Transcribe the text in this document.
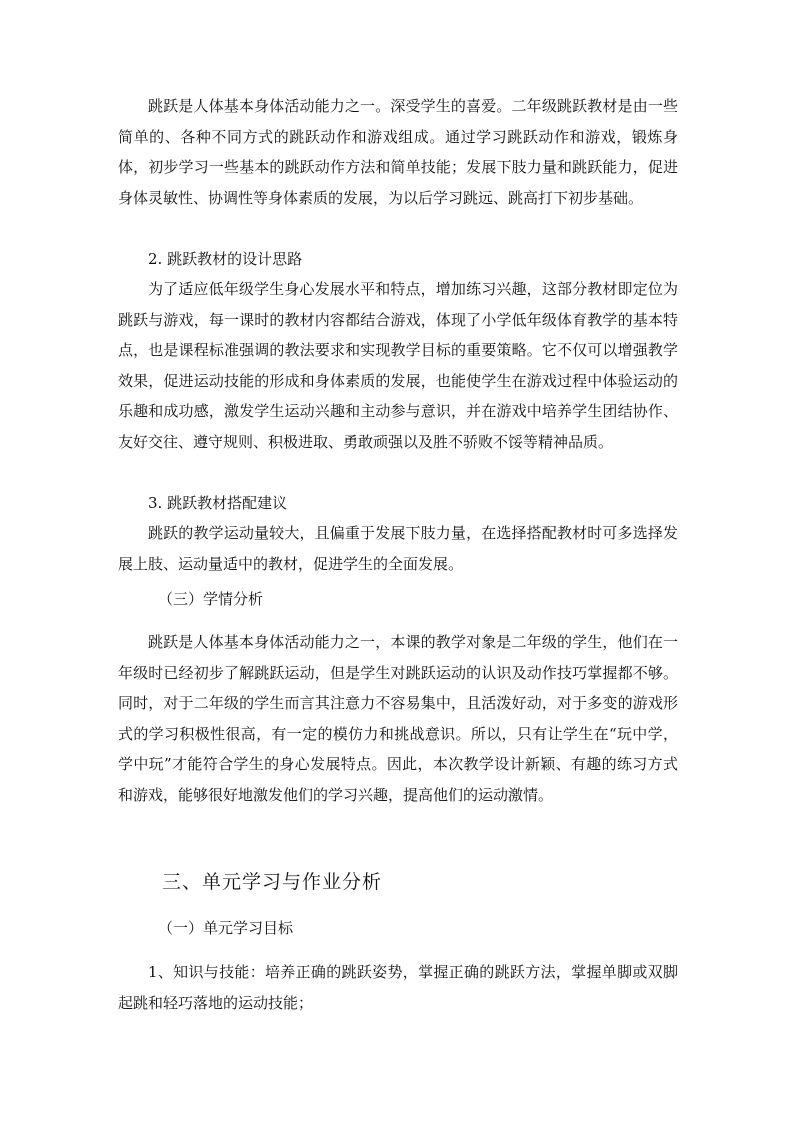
跳跃是人体基本身体活动能力之一。深受学生的喜爱。二年级跳跃教材是由一些简单的、各种不同方式的跳跃动作和游戏组成。通过学习跳跃动作和游戏，锻炼身体，初步学习一些基本的跳跃动作方法和简单技能；发展下肢力量和跳跃能力，促进身体灵敏性、协调性等身体素质的发展，为以后学习跳远、跳高打下初步基础。

2. 跳跃教材的设计思路

为了适应低年级学生身心发展水平和特点，增加练习兴趣，这部分教材即定位为跳跃与游戏，每一课时的教材内容都结合游戏，体现了小学低年级体育教学的基本特点，也是课程标准强调的教法要求和实现教学目标的重要策略。它不仅可以增强教学效果，促进运动技能的形成和身体素质的发展，也能使学生在游戏过程中体验运动的乐趣和成功感，激发学生运动兴趣和主动参与意识，并在游戏中培养学生团结协作、友好交往、遵守规则、积极进取、勇敢顽强以及胜不骄败不馁等精神品质。

3. 跳跃教材搭配建议

跳跃的教学运动量较大，且偏重于发展下肢力量，在选择搭配教材时可多选择发展上肢、运动量适中的教材，促进学生的全面发展。

（三）学情分析

跳跃是人体基本身体活动能力之一，本课的教学对象是二年级的学生，他们在一年级时已经初步了解跳跃运动，但是学生对跳跃运动的认识及动作技巧掌握都不够。同时，对于二年级的学生而言其注意力不容易集中，且活泼好动，对于多变的游戏形式的学习积极性很高，有一定的模仿力和挑战意识。所以，只有让学生在“玩中学，学中玩”才能符合学生的身心发展特点。因此，本次教学设计新颖、有趣的练习方式和游戏，能够很好地激发他们的学习兴趣，提高他们的运动激情。

三、单元学习与作业分析

（一）单元学习目标

1、知识与技能：培养正确的跳跃姿势，掌握正确的跳跃方法，掌握单脚或双脚起跳和轻巧落地的运动技能；
